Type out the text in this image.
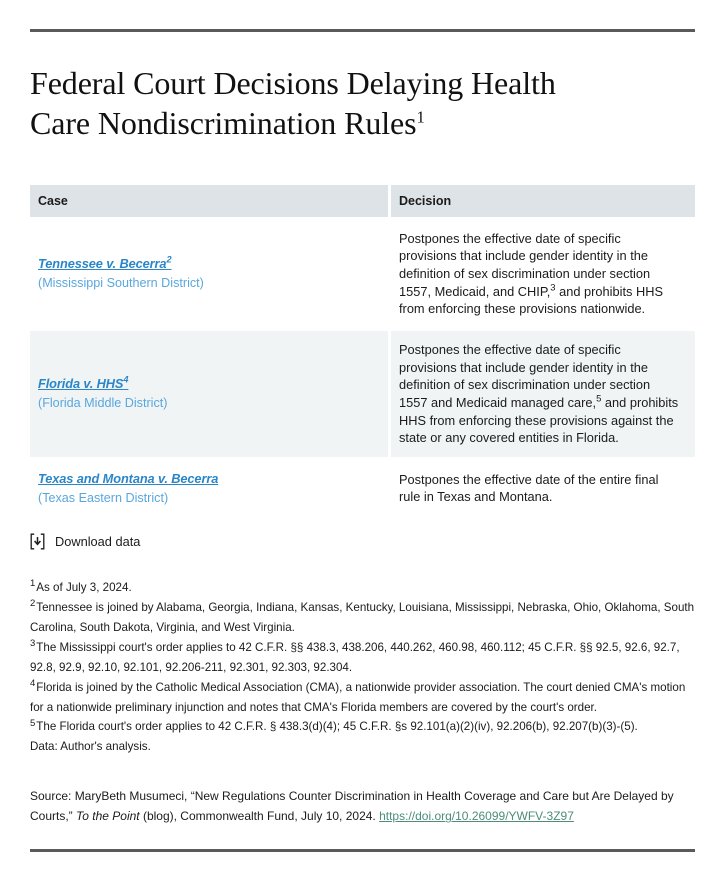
Federal Court Decisions Delaying Health
Care Nondiscrimination Rules$^1$
Case	Decision
Tennessee v. Becerra$^2$
(Mississippi Southern District)	Postpones the effective date of specific provisions that include gender identity in the definition of sex discrimination under section 1557, Medicaid, and CHIP,$^3$ and prohibits HHS from enforcing these provisions nationwide.
Florida v. HHS$^4$
(Florida Middle District)	Postpones the effective date of specific provisions that include gender identity in the definition of sex discrimination under section 1557 and Medicaid managed care,$^5$ and prohibits HHS from enforcing these provisions against the state or any covered entities in Florida.
Texas and Montana v. Becerra
(Texas Eastern District)	Postpones the effective date of the entire final rule in Texas and Montana.
Download data
$^1$As of July 3, 2024.
$^2$Tennessee is joined by Alabama, Georgia, Indiana, Kansas, Kentucky, Louisiana, Mississippi, Nebraska, Ohio, Oklahoma, South Carolina, South Dakota, Virginia, and West Virginia.
$^3$The Mississippi court's order applies to 42 C.F.R. §§ 438.3, 438.206, 440.262, 460.98, 460.112; 45 C.F.R. §§ 92.5, 92.6, 92.7, 92.8, 92.9, 92.10, 92.101, 92.206-211, 92.301, 92.303, 92.304.
$^4$Florida is joined by the Catholic Medical Association (CMA), a nationwide provider association. The court denied CMA's motion for a nationwide preliminary injunction and notes that CMA's Florida members are covered by the court's order.
$^5$The Florida court's order applies to 42 C.F.R. § 438.3(d)(4); 45 C.F.R. §s 92.101(a)(2)(iv), 92.206(b), 92.207(b)(3)-(5).
Data: Author's analysis.
Source: MaryBeth Musumeci, “New Regulations Counter Discrimination in Health Coverage and Care but Are Delayed by Courts,” To the Point (blog), Commonwealth Fund, July 10, 2024. https://doi.org/10.26099/YWFV-3Z97
